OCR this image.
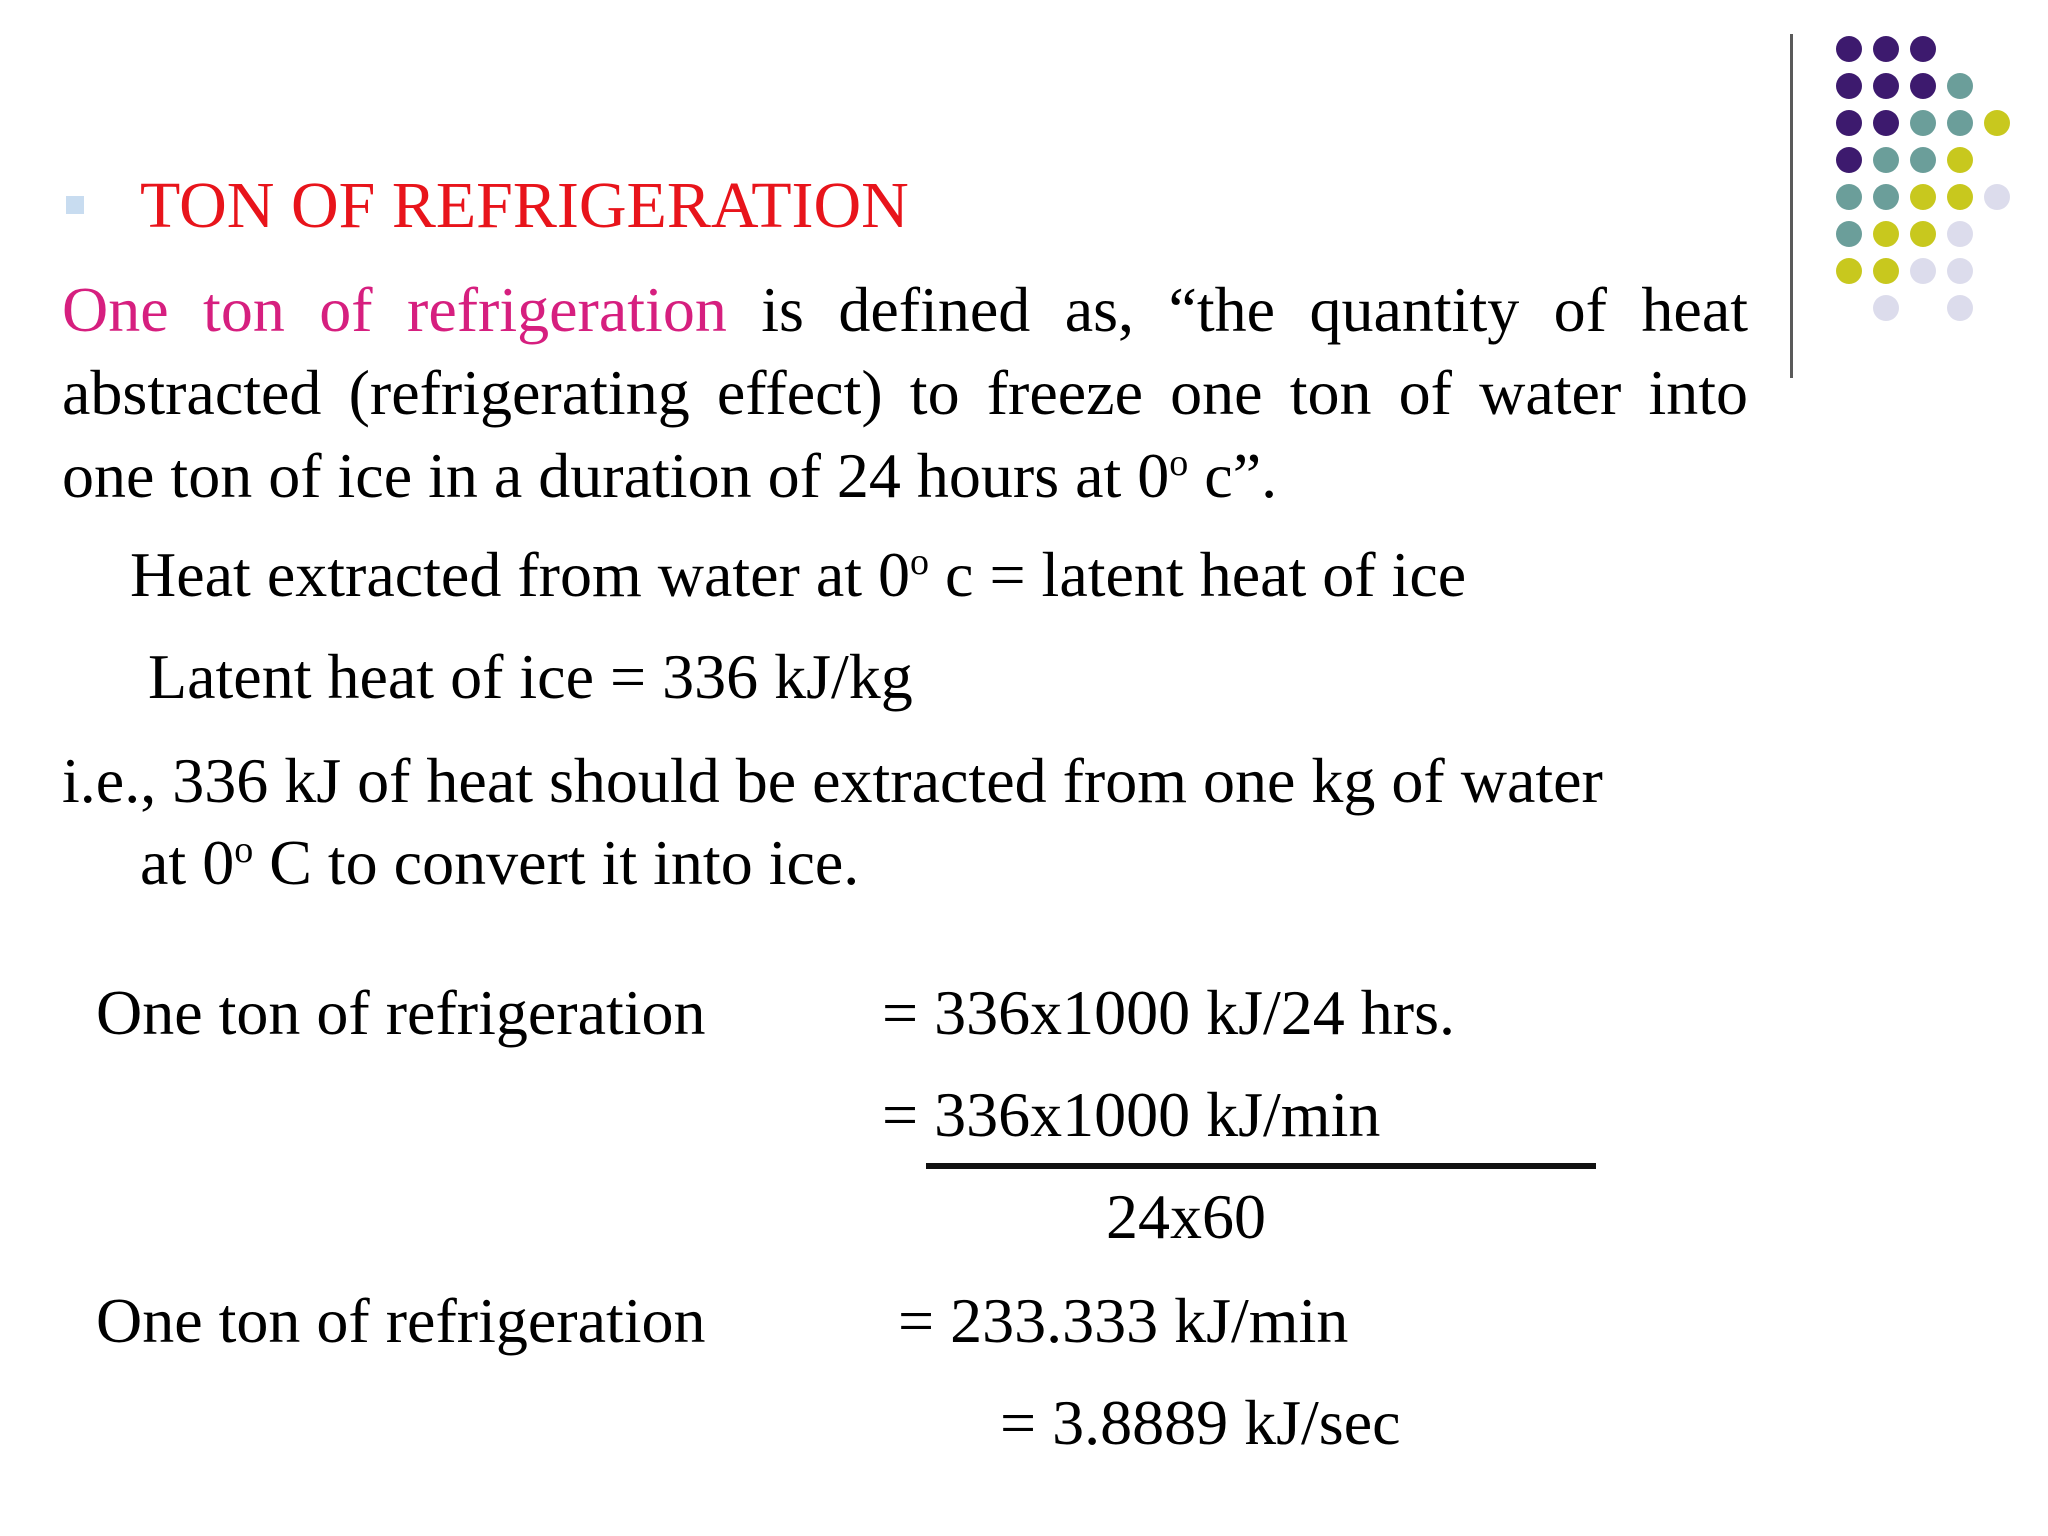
TON OF REFRIGERATION
One ton of refrigeration is defined as, “the quantity of heat abstracted (refrigerating effect) to freeze one ton of water into one ton of ice in a duration of 24 hours at 0$^o$ c”.
Heat extracted from water at 0$^o$ c = latent heat of ice
Latent heat of ice = 336 kJ/kg
i.e., 336 kJ of heat should be extracted from one kg of water
at 0$^o$ C to convert it into ice.
One ton of refrigeration	= 336x1000 kJ/24 hrs.
= 336x1000 kJ/min
24x60
One ton of refrigeration	= 233.333 kJ/min
= 3.8889 kJ/sec
